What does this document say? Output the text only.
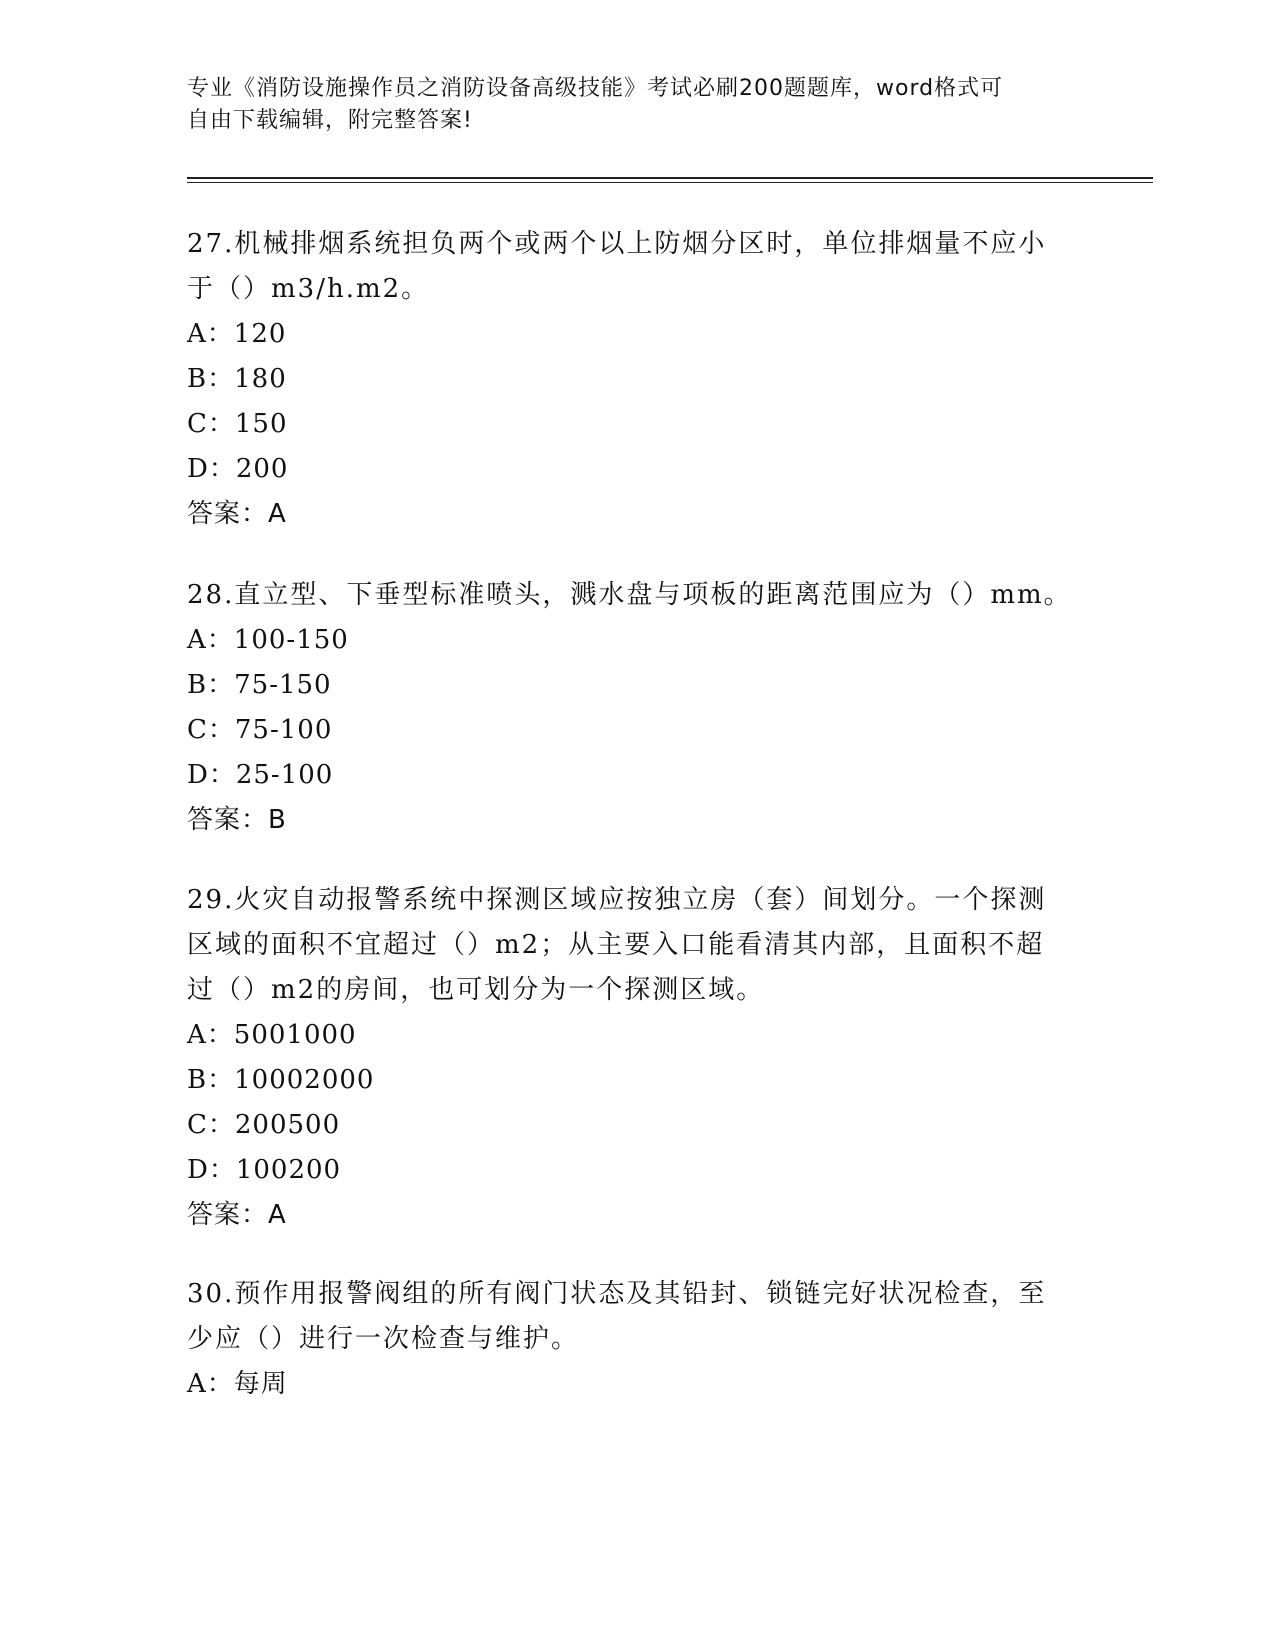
专业《消防设施操作员之消防设备高级技能》考试必刷200题题库，word格式可
自由下载编辑，附完整答案!
27.机械排烟系统担负两个或两个以上防烟分区时，单位排烟量不应小
于（）m3/h.m2。
A：120
B：180
C：150
D：200
答案：A
28.直立型、下垂型标准喷头，溅水盘与项板的距离范围应为（）mm。
A：100-150
B：75-150
C：75-100
D：25-100
答案：B
29.火灾自动报警系统中探测区域应按独立房（套）间划分。一个探测
区域的面积不宜超过（）m2；从主要入口能看清其内部，且面积不超
过（）m2的房间，也可划分为一个探测区域。
A：5001000
B：10002000
C：200500
D：100200
答案：A
30.预作用报警阀组的所有阀门状态及其铅封、锁链完好状况检查，至
少应（）进行一次检查与维护。
A：每周
